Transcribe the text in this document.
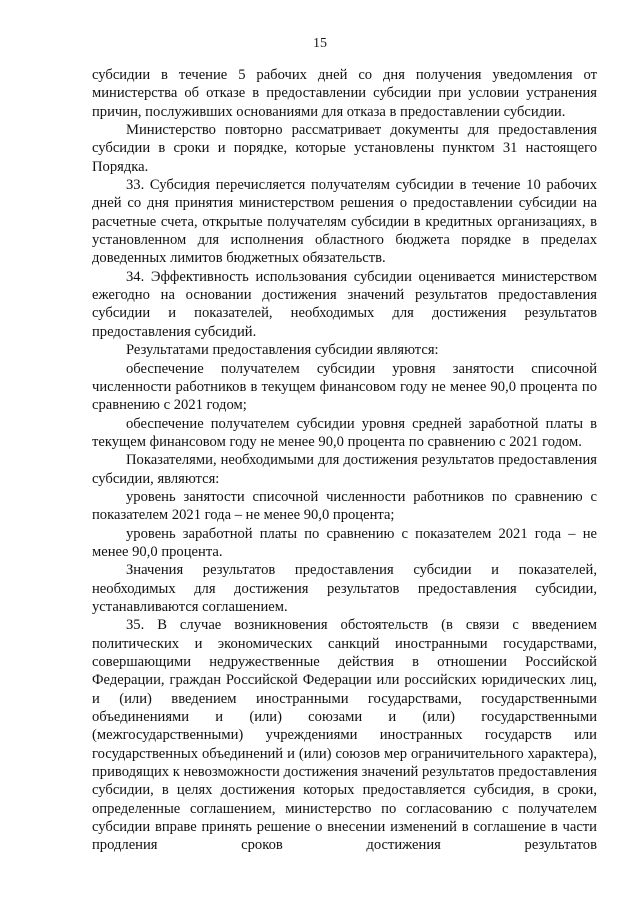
15

субсидии в течение 5 рабочих дней со дня получения уведомления от министерства об отказе в предоставлении субсидии при условии устранения причин, послуживших основаниями для отказа в предоставлении субсидии.

Министерство повторно рассматривает документы для предоставления субсидии в сроки и порядке, которые установлены пунктом 31 настоящего Порядка.

33. Субсидия перечисляется получателям субсидии в течение 10 рабочих дней со дня принятия министерством решения о предоставлении субсидии на расчетные счета, открытые получателям субсидии в кредитных организациях, в установленном для исполнения областного бюджета порядке в пределах доведенных лимитов бюджетных обязательств.

34. Эффективность использования субсидии оценивается министерством ежегодно на основании достижения значений результатов предоставления субсидии и показателей, необходимых для достижения результатов предоставления субсидий.

Результатами предоставления субсидии являются:

обеспечение получателем субсидии уровня занятости списочной численности работников в текущем финансовом году не менее 90,0 процента по сравнению с 2021 годом;

обеспечение получателем субсидии уровня средней заработной платы в текущем финансовом году не менее 90,0 процента по сравнению с 2021 годом.

Показателями, необходимыми для достижения результатов предоставления субсидии, являются:

уровень занятости списочной численности работников по сравнению с показателем 2021 года – не менее 90,0 процента;

уровень заработной платы по сравнению с показателем 2021 года – не менее 90,0 процента.

Значения результатов предоставления субсидии и показателей, необходимых для достижения результатов предоставления субсидии, устанавливаются соглашением.

35. В случае возникновения обстоятельств (в связи с введением политических и экономических санкций иностранными государствами, совершающими недружественные действия в отношении Российской Федерации, граждан Российской Федерации или российских юридических лиц, и (или) введением иностранными государствами, государственными объединениями и (или) союзами и (или) государственными (межгосударственными) учреждениями иностранных государств или государственных объединений и (или) союзов мер ограничительного характера), приводящих к невозможности достижения значений результатов предоставления субсидии, в целях достижения которых предоставляется субсидия, в сроки, определенные соглашением, министерство по согласованию с получателем субсидии вправе принять решение о внесении изменений в соглашение в части продления сроков достижения результатов
